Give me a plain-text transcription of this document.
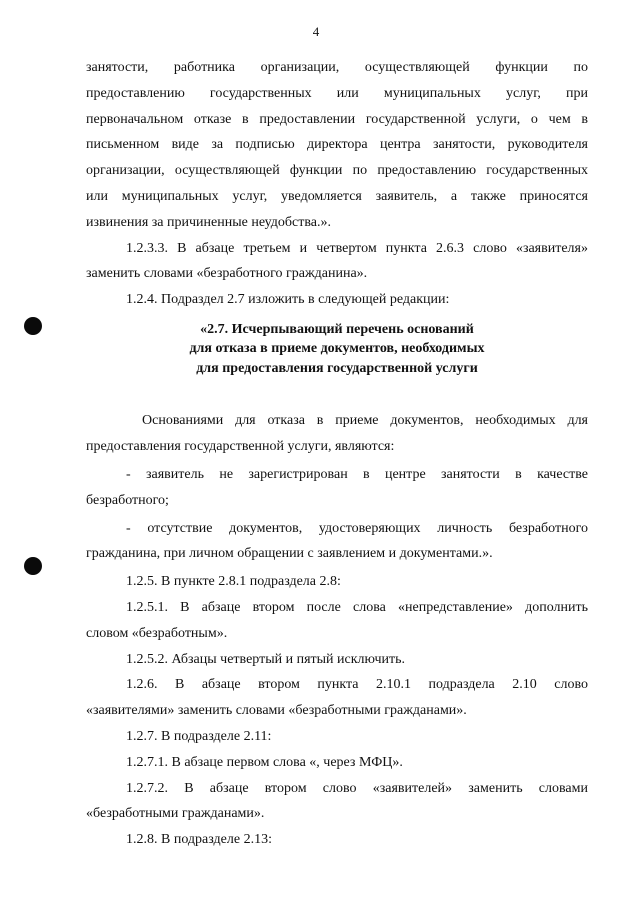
4

занятости, работника организации, осуществляющей функции по

предоставлению государственных или муниципальных услуг, при

первоначальном отказе в предоставлении государственной услуги, о чем в

письменном виде за подписью директора центра занятости, руководителя

организации, осуществляющей функции по предоставлению государственных

или муниципальных услуг, уведомляется заявитель, а также приносятся

извинения за причиненные неудобства.».

1.2.3.3. В абзаце третьем и четвертом пункта 2.6.3 слово «заявителя»

заменить словами «безработного гражданина».

1.2.4. Подраздел 2.7 изложить в следующей редакции:

«2.7. Исчерпывающий перечень оснований
для отказа в приеме документов, необходимых
для предоставления государственной услуги

Основаниями для отказа в приеме документов, необходимых для

предоставления государственной услуги, являются:

- заявитель не зарегистрирован в центре занятости в качестве

безработного;

- отсутствие документов, удостоверяющих личность безработного

гражданина, при личном обращении с заявлением и документами.».

1.2.5. В пункте 2.8.1 подраздела 2.8:

1.2.5.1. В абзаце втором после слова «непредставление» дополнить

словом «безработным».

1.2.5.2. Абзацы четвертый и пятый исключить.

1.2.6. В абзаце втором пункта 2.10.1 подраздела 2.10 слово

«заявителями» заменить словами «безработными гражданами».

1.2.7. В подразделе 2.11:

1.2.7.1. В абзаце первом слова «, через МФЦ».

1.2.7.2. В абзаце втором слово «заявителей» заменить словами

«безработными гражданами».

1.2.8. В подразделе 2.13:
